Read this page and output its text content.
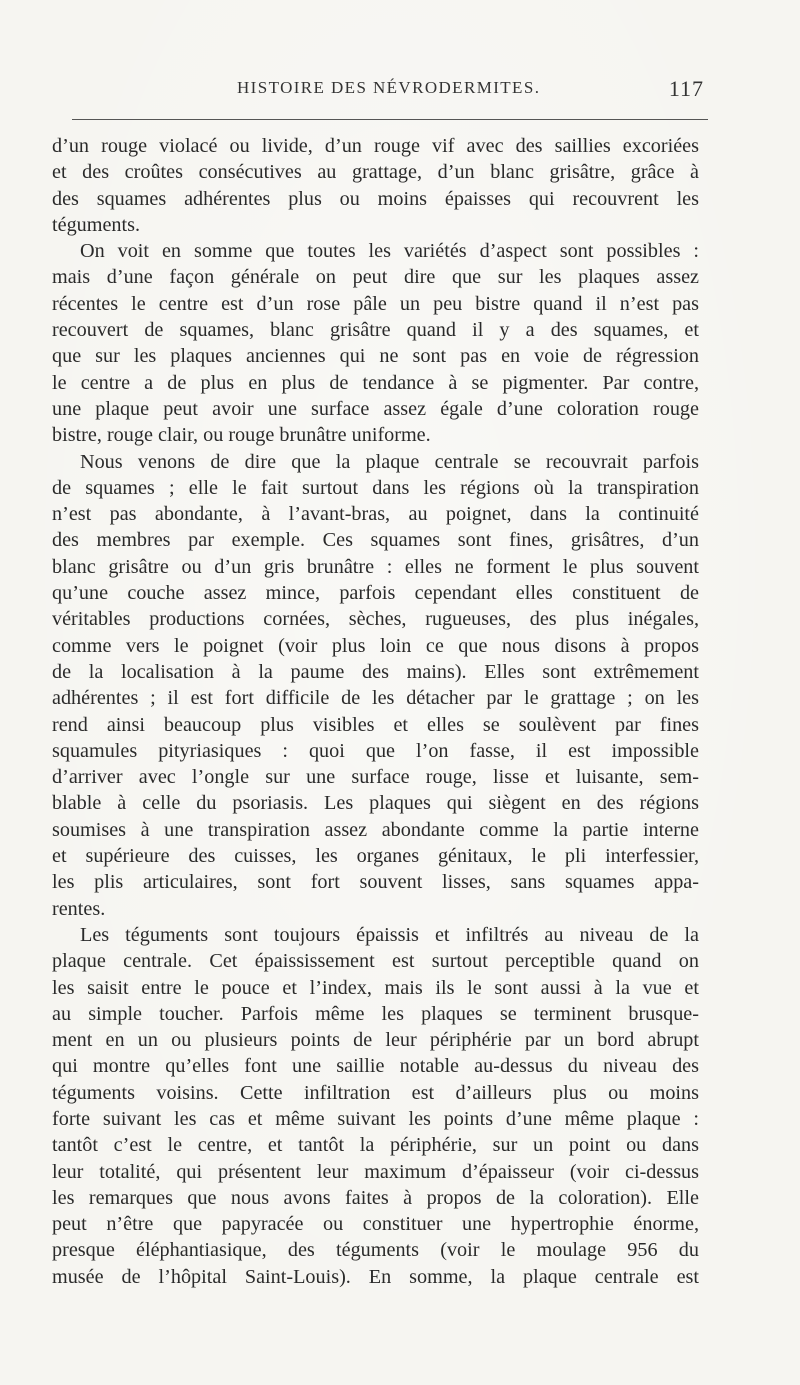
HISTOIRE DES NÉVRODERMITES.	117
d’un rouge violacé ou livide, d’un rouge vif avec des saillies excoriées
et des croûtes consécutives au grattage, d’un blanc grisâtre, grâce à
des squames adhérentes plus ou moins épaisses qui recouvrent les
téguments.
On voit en somme que toutes les variétés d’aspect sont possibles :
mais d’une façon générale on peut dire que sur les plaques assez
récentes le centre est d’un rose pâle un peu bistre quand il n’est pas
recouvert de squames, blanc grisâtre quand il y a des squames, et
que sur les plaques anciennes qui ne sont pas en voie de régression
le centre a de plus en plus de tendance à se pigmenter. Par contre,
une plaque peut avoir une surface assez égale d’une coloration rouge
bistre, rouge clair, ou rouge brunâtre uniforme.
Nous venons de dire que la plaque centrale se recouvrait parfois
de squames ; elle le fait surtout dans les régions où la transpiration
n’est pas abondante, à l’avant-bras, au poignet, dans la continuité
des membres par exemple. Ces squames sont fines, grisâtres, d’un
blanc grisâtre ou d’un gris brunâtre : elles ne forment le plus souvent
qu’une couche assez mince, parfois cependant elles constituent de
véritables productions cornées, sèches, rugueuses, des plus inégales,
comme vers le poignet (voir plus loin ce que nous disons à propos
de la localisation à la paume des mains). Elles sont extrêmement
adhérentes ; il est fort difficile de les détacher par le grattage ; on les
rend ainsi beaucoup plus visibles et elles se soulèvent par fines
squamules pityriasiques : quoi que l’on fasse, il est impossible
d’arriver avec l’ongle sur une surface rouge, lisse et luisante, sem-
blable à celle du psoriasis. Les plaques qui siègent en des régions
soumises à une transpiration assez abondante comme la partie interne
et supérieure des cuisses, les organes génitaux, le pli interfessier,
les plis articulaires, sont fort souvent lisses, sans squames appa-
rentes.
Les téguments sont toujours épaissis et infiltrés au niveau de la
plaque centrale. Cet épaississement est surtout perceptible quand on
les saisit entre le pouce et l’index, mais ils le sont aussi à la vue et
au simple toucher. Parfois même les plaques se terminent brusque-
ment en un ou plusieurs points de leur périphérie par un bord abrupt
qui montre qu’elles font une saillie notable au-dessus du niveau des
téguments voisins. Cette infiltration est d’ailleurs plus ou moins
forte suivant les cas et même suivant les points d’une même plaque :
tantôt c’est le centre, et tantôt la périphérie, sur un point ou dans
leur totalité, qui présentent leur maximum d’épaisseur (voir ci-dessus
les remarques que nous avons faites à propos de la coloration). Elle
peut n’être que papyracée ou constituer une hypertrophie énorme,
presque éléphantiasique, des téguments (voir le moulage 956 du
musée de l’hôpital Saint-Louis). En somme, la plaque centrale est
